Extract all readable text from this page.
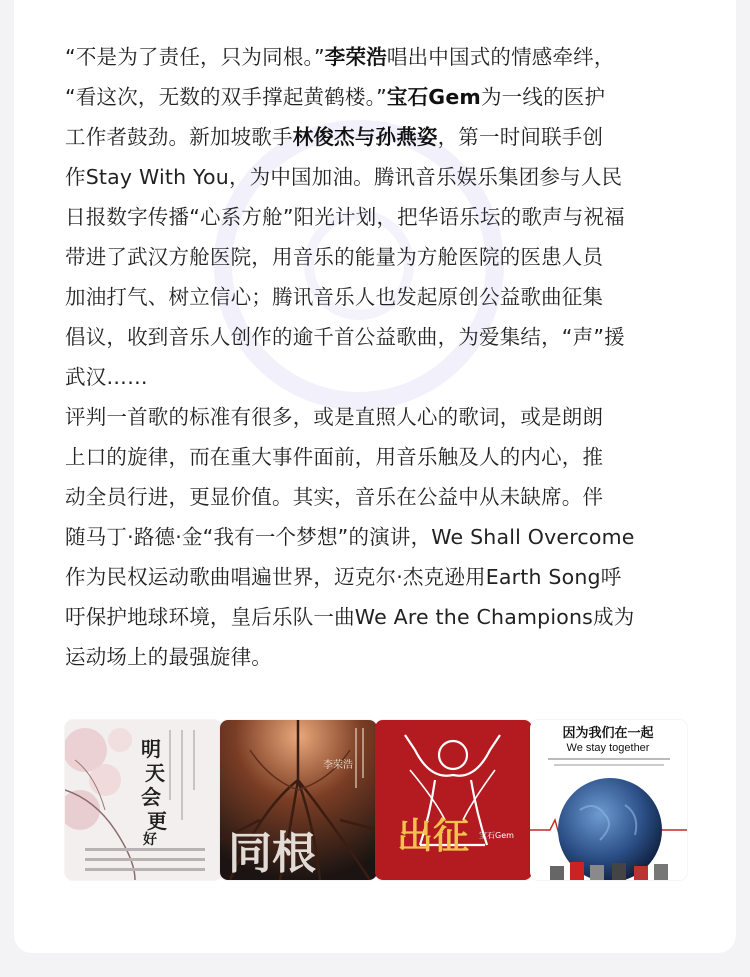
“不是为了责任，只为同根。”李荣浩唱出中国式的情感牵绊，
“看这次，无数的双手撑起黄鹤楼。”宝石Gem为一线的医护
工作者鼓劲。新加坡歌手林俊杰与孙燕姿，第一时间联手创
作Stay With You，为中国加油。腾讯音乐娱乐集团参与人民
日报数字传播“心系方舱”阳光计划，把华语乐坛的歌声与祝福
带进了武汉方舱医院，用音乐的能量为方舱医院的医患人员
加油打气、树立信心；腾讯音乐人也发起原创公益歌曲征集
倡议，收到音乐人创作的逾千首公益歌曲，为爱集结，“声”援
武汉……
评判一首歌的标准有很多，或是直照人心的歌词，或是朗朗
上口的旋律，而在重大事件面前，用音乐触及人的内心，推
动全员行进，更显价值。其实，音乐在公益中从未缺席。伴
随马丁·路德·金“我有一个梦想”的演讲，We Shall Overcome
作为民权运动歌曲唱遍世界，迈克尔·杰克逊用Earth Song呼
吁保护地球环境，皇后乐队一曲We Are the Champions成为
运动场上的最强旋律。
明
天
会
更
好 同根
李荣浩
出征 宝石Gem
因为我们在一起
We stay together
